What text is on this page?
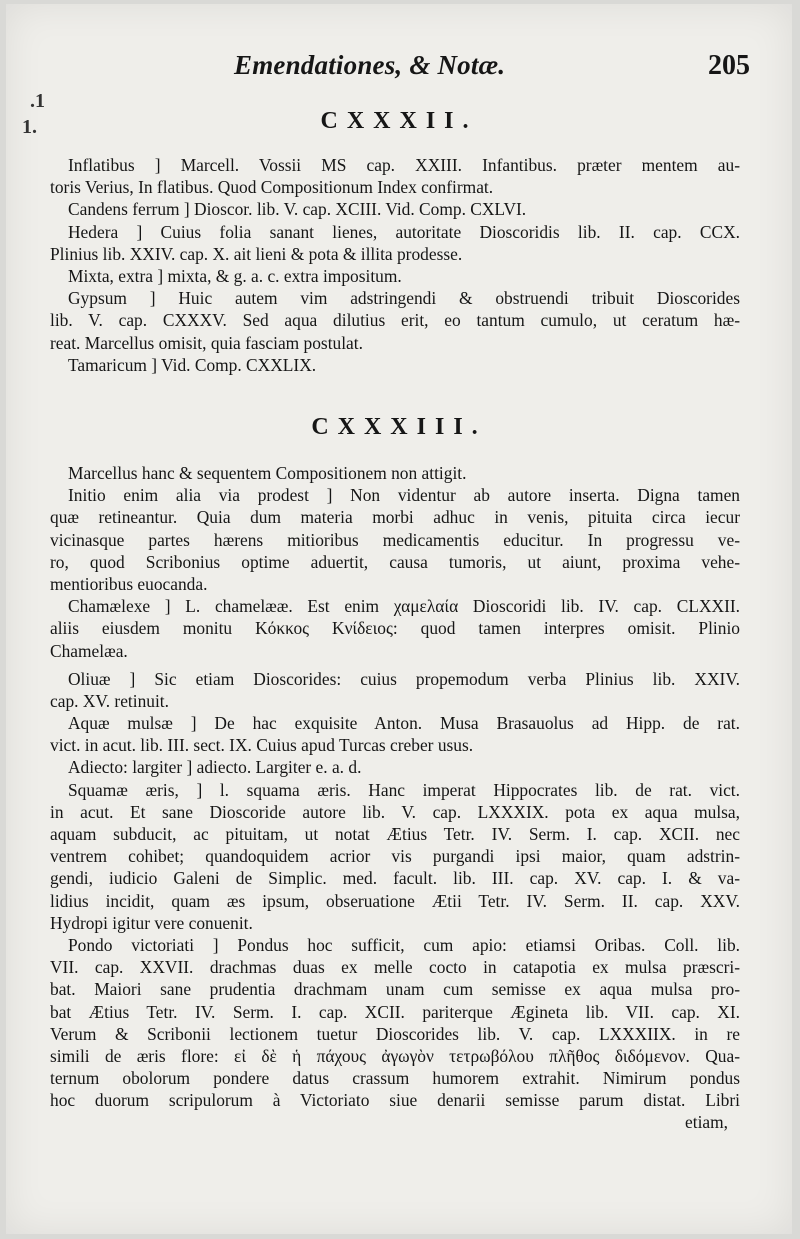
.1
1.
Emendationes, & Notæ.	205
CXXXII.
Inflatibus ] Marcell. Vossii MS cap. XXIII. Infantibus. præter mentem au-
toris Verius, In flatibus. Quod Compositionum Index confirmat.
Candens ferrum ] Dioscor. lib. V. cap. XCIII. Vid. Comp. CXLVI.
Hedera ] Cuius folia sanant lienes, autoritate Dioscoridis lib. II. cap. CCX.
Plinius lib. XXIV. cap. X. ait lieni & pota & illita prodesse.
Mixta, extra ] mixta, & g. a. c. extra impositum.
Gypsum ] Huic autem vim adstringendi & obstruendi tribuit Dioscorides
lib. V. cap. CXXXV. Sed aqua dilutius erit, eo tantum cumulo, ut ceratum hæ-
reat. Marcellus omisit, quia fasciam postulat.
Tamaricum ] Vid. Comp. CXXLIX.
CXXXIII.
Marcellus hanc & sequentem Compositionem non attigit.
Initio enim alia via prodest ] Non videntur ab autore inserta. Digna tamen
quæ retineantur. Quia dum materia morbi adhuc in venis, pituita circa iecur
vicinasque partes hærens mitioribus medicamentis educitur. In progressu ve-
ro, quod Scribonius optime aduertit, causa tumoris, ut aiunt, proxima vehe-
mentioribus euocanda.
Chamælexe ] L. chamelææ. Est enim χαμελαία Dioscoridi lib. IV. cap. CLXXII.
aliis eiusdem monitu Κόκκος Κνίδειος: quod tamen interpres omisit. Plinio
Chamelæa.
Oliuæ ] Sic etiam Dioscorides: cuius propemodum verba Plinius lib. XXIV.
cap. XV. retinuit.
Aquæ mulsæ ] De hac exquisite Anton. Musa Brasauolus ad Hipp. de rat.
vict. in acut. lib. III. sect. IX. Cuius apud Turcas creber usus.
Adiecto: largiter ] adiecto. Largiter e. a. d.
Squamæ æris, ] l. squama æris. Hanc imperat Hippocrates lib. de rat. vict.
in acut. Et sane Dioscoride autore lib. V. cap. LXXXIX. pota ex aqua mulsa,
aquam subducit, ac pituitam, ut notat Ætius Tetr. IV. Serm. I. cap. XCII. nec
ventrem cohibet; quandoquidem acrior vis purgandi ipsi maior, quam adstrin-
gendi, iudicio Galeni de Simplic. med. facult. lib. III. cap. XV. cap. I. & va-
lidius incidit, quam æs ipsum, obseruatione Ætii Tetr. IV. Serm. II. cap. XXV.
Hydropi igitur vere conuenit.
Pondo victoriati ] Pondus hoc sufficit, cum apio: etiamsi Oribas. Coll. lib.
VII. cap. XXVII. drachmas duas ex melle cocto in catapotia ex mulsa præscri-
bat. Maiori sane prudentia drachmam unam cum semisse ex aqua mulsa pro-
bat Ætius Tetr. IV. Serm. I. cap. XCII. pariterque Ægineta lib. VII. cap. XI.
Verum & Scribonii lectionem tuetur Dioscorides lib. V. cap. LXXXIIX. in re
simili de æris flore: εἰ δὲ ἡ πάχους ἀγωγὸν τετρωβόλου πλῆθος διδόμενον. Qua-
ternum obolorum pondere datus crassum humorem extrahit. Nimirum pondus
hoc duorum scripulorum à Victoriato siue denarii semisse parum distat. Libri
etiam,
